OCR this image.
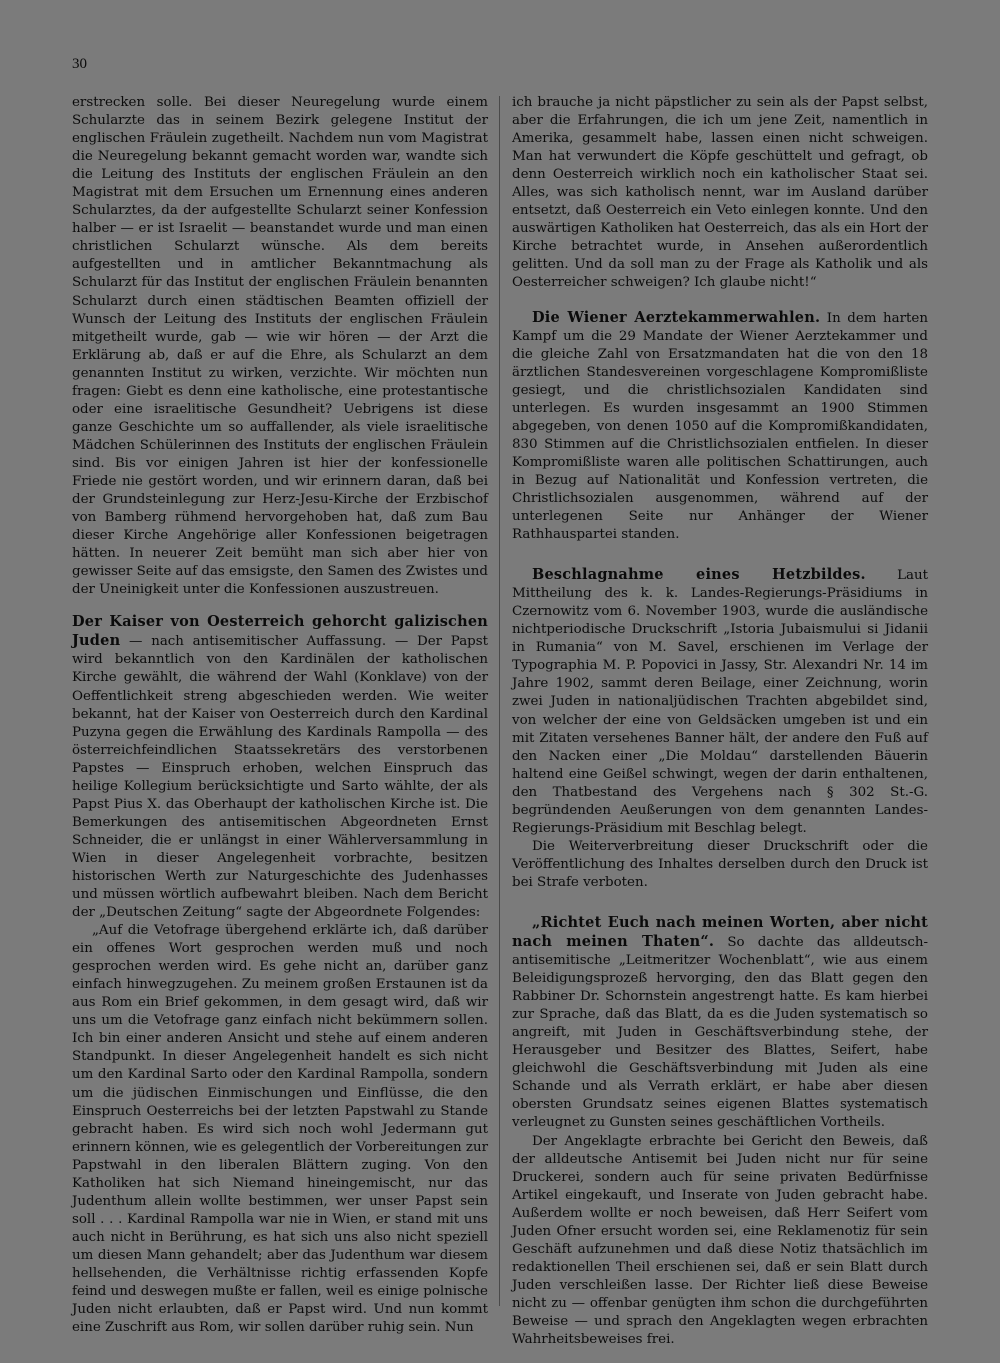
30

erstrecken solle. Bei dieser Neuregelung wurde einem Schularzte das in seinem Bezirk gelegene Institut der englischen Fräulein zugetheilt. Nachdem nun vom Magistrat die Neuregelung bekannt gemacht worden war, wandte sich die Leitung des Instituts der englischen Fräulein an den Magistrat mit dem Ersuchen um Ernennung eines anderen Schularztes, da der aufgestellte Schularzt seiner Konfession halber — er ist Israelit — beanstandet wurde und man einen christlichen Schularzt wünsche. Als dem bereits aufgestellten und in amtlicher Bekanntmachung als Schularzt für das Institut der englischen Fräulein benannten Schularzt durch einen städtischen Beamten offiziell der Wunsch der Leitung des Instituts der englischen Fräulein mitgetheilt wurde, gab — wie wir hören — der Arzt die Erklärung ab, daß er auf die Ehre, als Schularzt an dem genannten Institut zu wirken, verzichte. Wir möchten nun fragen: Giebt es denn eine katholische, eine protestantische oder eine israelitische Gesundheit? Uebrigens ist diese ganze Geschichte um so auffallender, als viele israelitische Mädchen Schülerinnen des Instituts der englischen Fräulein sind. Bis vor einigen Jahren ist hier der konfessionelle Friede nie gestört worden, und wir erinnern daran, daß bei der Grundsteinlegung zur Herz-Jesu-Kirche der Erzbischof von Bamberg rühmend hervorgehoben hat, daß zum Bau dieser Kirche Angehörige aller Konfessionen beigetragen hätten. In neuerer Zeit bemüht man sich aber hier von gewisser Seite auf das emsigste, den Samen des Zwistes und der Uneinigkeit unter die Konfessionen auszustreuen.

Der Kaiser von Oesterreich gehorcht galizischen Juden — nach antisemitischer Auffassung. — Der Papst wird bekanntlich von den Kardinälen der katholischen Kirche gewählt, die während der Wahl (Konklave) von der Oeffentlichkeit streng abgeschieden werden. Wie weiter bekannt, hat der Kaiser von Oesterreich durch den Kardinal Puzyna gegen die Erwählung des Kardinals Rampolla — des österreichfeindlichen Staatssekretärs des verstorbenen Papstes — Einspruch erhoben, welchen Einspruch das heilige Kollegium berücksichtigte und Sarto wählte, der als Papst Pius X. das Oberhaupt der katholischen Kirche ist. Die Bemerkungen des antisemitischen Abgeordneten Ernst Schneider, die er unlängst in einer Wählerversammlung in Wien in dieser Angelegenheit vorbrachte, besitzen historischen Werth zur Naturgeschichte des Judenhasses und müssen wörtlich aufbewahrt bleiben. Nach dem Bericht der „Deutschen Zeitung“ sagte der Abgeordnete Folgendes:

„Auf die Vetofrage übergehend erklärte ich, daß darüber ein offenes Wort gesprochen werden muß und noch gesprochen werden wird. Es gehe nicht an, darüber ganz einfach hinwegzugehen. Zu meinem großen Erstaunen ist da aus Rom ein Brief gekommen, in dem gesagt wird, daß wir uns um die Vetofrage ganz einfach nicht bekümmern sollen. Ich bin einer anderen Ansicht und stehe auf einem anderen Standpunkt. In dieser Angelegenheit handelt es sich nicht um den Kardinal Sarto oder den Kardinal Rampolla, sondern um die jüdischen Einmischungen und Einflüsse, die den Einspruch Oesterreichs bei der letzten Papstwahl zu Stande gebracht haben. Es wird sich noch wohl Jedermann gut erinnern können, wie es gelegentlich der Vorbereitungen zur Papstwahl in den liberalen Blättern zuging. Von den Katholiken hat sich Niemand hineingemischt, nur das Judenthum allein wollte bestimmen, wer unser Papst sein soll . . . Kardinal Rampolla war nie in Wien, er stand mit uns auch nicht in Berührung, es hat sich uns also nicht speziell um diesen Mann gehandelt; aber das Judenthum war diesem hellsehenden, die Verhältnisse richtig erfassenden Kopfe feind und deswegen mußte er fallen, weil es einige polnische Juden nicht erlaubten, daß er Papst wird. Und nun kommt eine Zuschrift aus Rom, wir sollen darüber ruhig sein. Nun

ich brauche ja nicht päpstlicher zu sein als der Papst selbst, aber die Erfahrungen, die ich um jene Zeit, namentlich in Amerika, gesammelt habe, lassen einen nicht schweigen. Man hat verwundert die Köpfe geschüttelt und gefragt, ob denn Oesterreich wirklich noch ein katholischer Staat sei. Alles, was sich katholisch nennt, war im Ausland darüber entsetzt, daß Oesterreich ein Veto einlegen konnte. Und den auswärtigen Katholiken hat Oesterreich, das als ein Hort der Kirche betrachtet wurde, in Ansehen außerordentlich gelitten. Und da soll man zu der Frage als Katholik und als Oesterreicher schweigen? Ich glaube nicht!“

Die Wiener Aerztekammerwahlen. In dem harten Kampf um die 29 Mandate der Wiener Aerztekammer und die gleiche Zahl von Ersatzmandaten hat die von den 18 ärztlichen Standesvereinen vorgeschlagene Kompromißliste gesiegt, und die christlichsozialen Kandidaten sind unterlegen. Es wurden insgesammt an 1900 Stimmen abgegeben, von denen 1050 auf die Kompromißkandidaten, 830 Stimmen auf die Christlichsozialen entfielen. In dieser Kompromißliste waren alle politischen Schattirungen, auch in Bezug auf Nationalität und Konfession vertreten, die Christlichsozialen ausgenommen, während auf der unterlegenen Seite nur Anhänger der Wiener Rathhauspartei standen.

Beschlagnahme eines Hetzbildes. Laut Mittheilung des k. k. Landes-Regierungs-Präsidiums in Czernowitz vom 6. November 1903, wurde die ausländische nichtperiodische Druckschrift „Istoria Jubaismului si Jidanii in Rumania“ von M. Savel, erschienen im Verlage der Typographia M. P. Popovici in Jassy, Str. Alexandri Nr. 14 im Jahre 1902, sammt deren Beilage, einer Zeichnung, worin zwei Juden in nationaljüdischen Trachten abgebildet sind, von welcher der eine von Geldsäcken umgeben ist und ein mit Zitaten versehenes Banner hält, der andere den Fuß auf den Nacken einer „Die Moldau“ darstellenden Bäuerin haltend eine Geißel schwingt, wegen der darin enthaltenen, den Thatbestand des Vergehens nach § 302 St.-G. begründenden Aeußerungen von dem genannten Landes-Regierungs-Präsidium mit Beschlag belegt.

Die Weiterverbreitung dieser Druckschrift oder die Veröffentlichung des Inhaltes derselben durch den Druck ist bei Strafe verboten.

„Richtet Euch nach meinen Worten, aber nicht nach meinen Thaten“. So dachte das alldeutsch-antisemitische „Leitmeritzer Wochenblatt“, wie aus einem Beleidigungsprozeß hervorging, den das Blatt gegen den Rabbiner Dr. Schornstein angestrengt hatte. Es kam hierbei zur Sprache, daß das Blatt, da es die Juden systematisch so angreift, mit Juden in Geschäftsverbindung stehe, der Herausgeber und Besitzer des Blattes, Seifert, habe gleichwohl die Geschäftsverbindung mit Juden als eine Schande und als Verrath erklärt, er habe aber diesen obersten Grundsatz seines eigenen Blattes systematisch verleugnet zu Gunsten seines geschäftlichen Vortheils.

Der Angeklagte erbrachte bei Gericht den Beweis, daß der alldeutsche Antisemit bei Juden nicht nur für seine Druckerei, sondern auch für seine privaten Bedürfnisse Artikel eingekauft, und Inserate von Juden gebracht habe. Außerdem wollte er noch beweisen, daß Herr Seifert vom Juden Ofner ersucht worden sei, eine Reklamenotiz für sein Geschäft aufzunehmen und daß diese Notiz thatsächlich im redaktionellen Theil erschienen sei, daß er sein Blatt durch Juden verschleißen lasse. Der Richter ließ diese Beweise nicht zu — offenbar genügten ihm schon die durchgeführten Beweise — und sprach den Angeklagten wegen erbrachten Wahrheitsbeweises frei.
